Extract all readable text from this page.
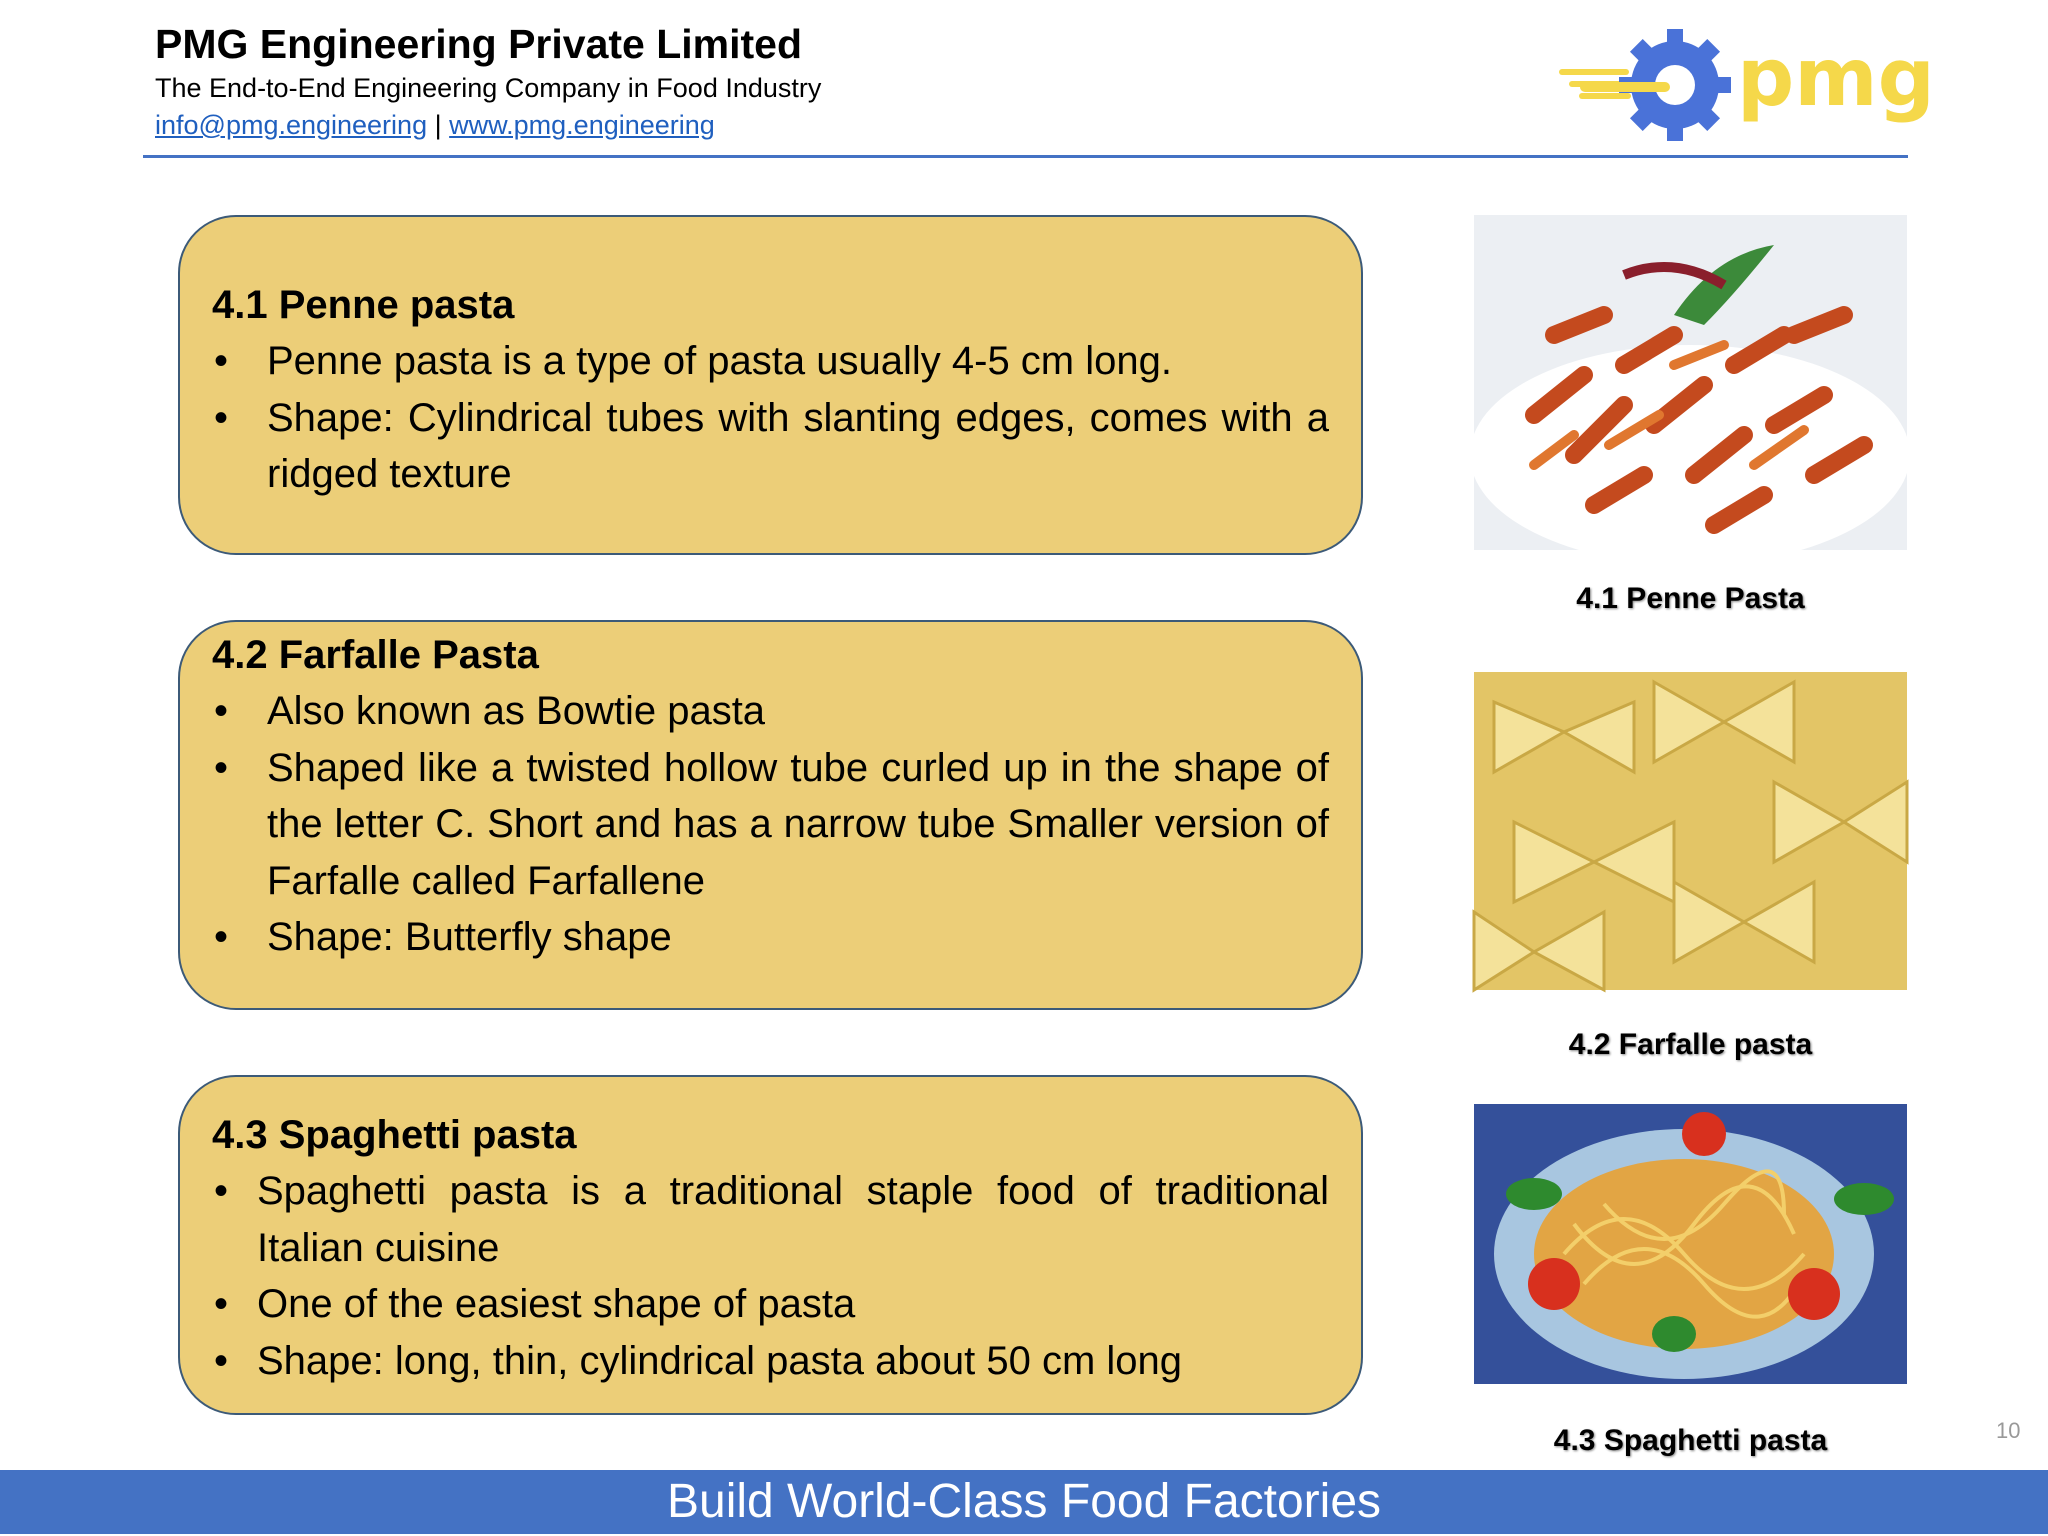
PMG Engineering Private Limited
The End-to-End Engineering Company in Food Industry
info@pmg.engineering | www.pmg.engineering
pmg
4.1 Penne pasta
• Penne pasta is a type of pasta usually 4-5 cm long.
• Shape: Cylindrical tubes with slanting edges, comes with a ridged texture
4.2 Farfalle Pasta
• Also known as Bowtie pasta
• Shaped like a twisted hollow tube curled up in the shape of the letter C. Short and has a narrow tube Smaller version of Farfalle called Farfallene
• Shape: Butterfly shape
4.3 Spaghetti pasta
• Spaghetti pasta is a traditional staple food of traditional Italian cuisine
• One of the easiest shape of pasta
• Shape: long, thin, cylindrical pasta about 50 cm long
4.1 Penne Pasta
4.2 Farfalle pasta
4.3 Spaghetti pasta	10
Build World-Class Food Factories
